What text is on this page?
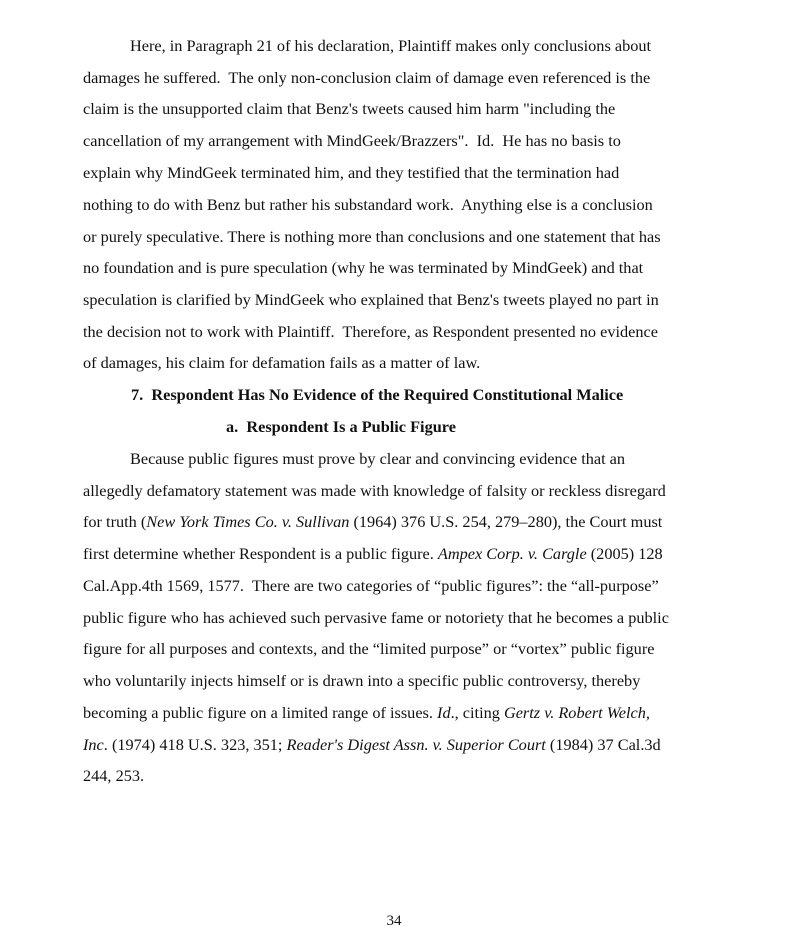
Here, in Paragraph 21 of his declaration, Plaintiff makes only conclusions about
damages he suffered.  The only non-conclusion claim of damage even referenced is the
claim is the unsupported claim that Benz's tweets caused him harm "including the
cancellation of my arrangement with MindGeek/Brazzers".  Id.  He has no basis to
explain why MindGeek terminated him, and they testified that the termination had
nothing to do with Benz but rather his substandard work.  Anything else is a conclusion
or purely speculative. There is nothing more than conclusions and one statement that has
no foundation and is pure speculation (why he was terminated by MindGeek) and that
speculation is clarified by MindGeek who explained that Benz's tweets played no part in
the decision not to work with Plaintiff.  Therefore, as Respondent presented no evidence
of damages, his claim for defamation fails as a matter of law.
7.  Respondent Has No Evidence of the Required Constitutional Malice
a.  Respondent Is a Public Figure
Because public figures must prove by clear and convincing evidence that an
allegedly defamatory statement was made with knowledge of falsity or reckless disregard
for truth (New York Times Co. v. Sullivan (1964) 376 U.S. 254, 279–280), the Court must
first determine whether Respondent is a public figure. Ampex Corp. v. Cargle (2005) 128
Cal.App.4th 1569, 1577.  There are two categories of “public figures”: the “all-purpose”
public figure who has achieved such pervasive fame or notoriety that he becomes a public
figure for all purposes and contexts, and the “limited purpose” or “vortex” public figure
who voluntarily injects himself or is drawn into a specific public controversy, thereby
becoming a public figure on a limited range of issues. Id., citing Gertz v. Robert Welch,
Inc. (1974) 418 U.S. 323, 351; Reader's Digest Assn. v. Superior Court (1984) 37 Cal.3d
244, 253.
34
